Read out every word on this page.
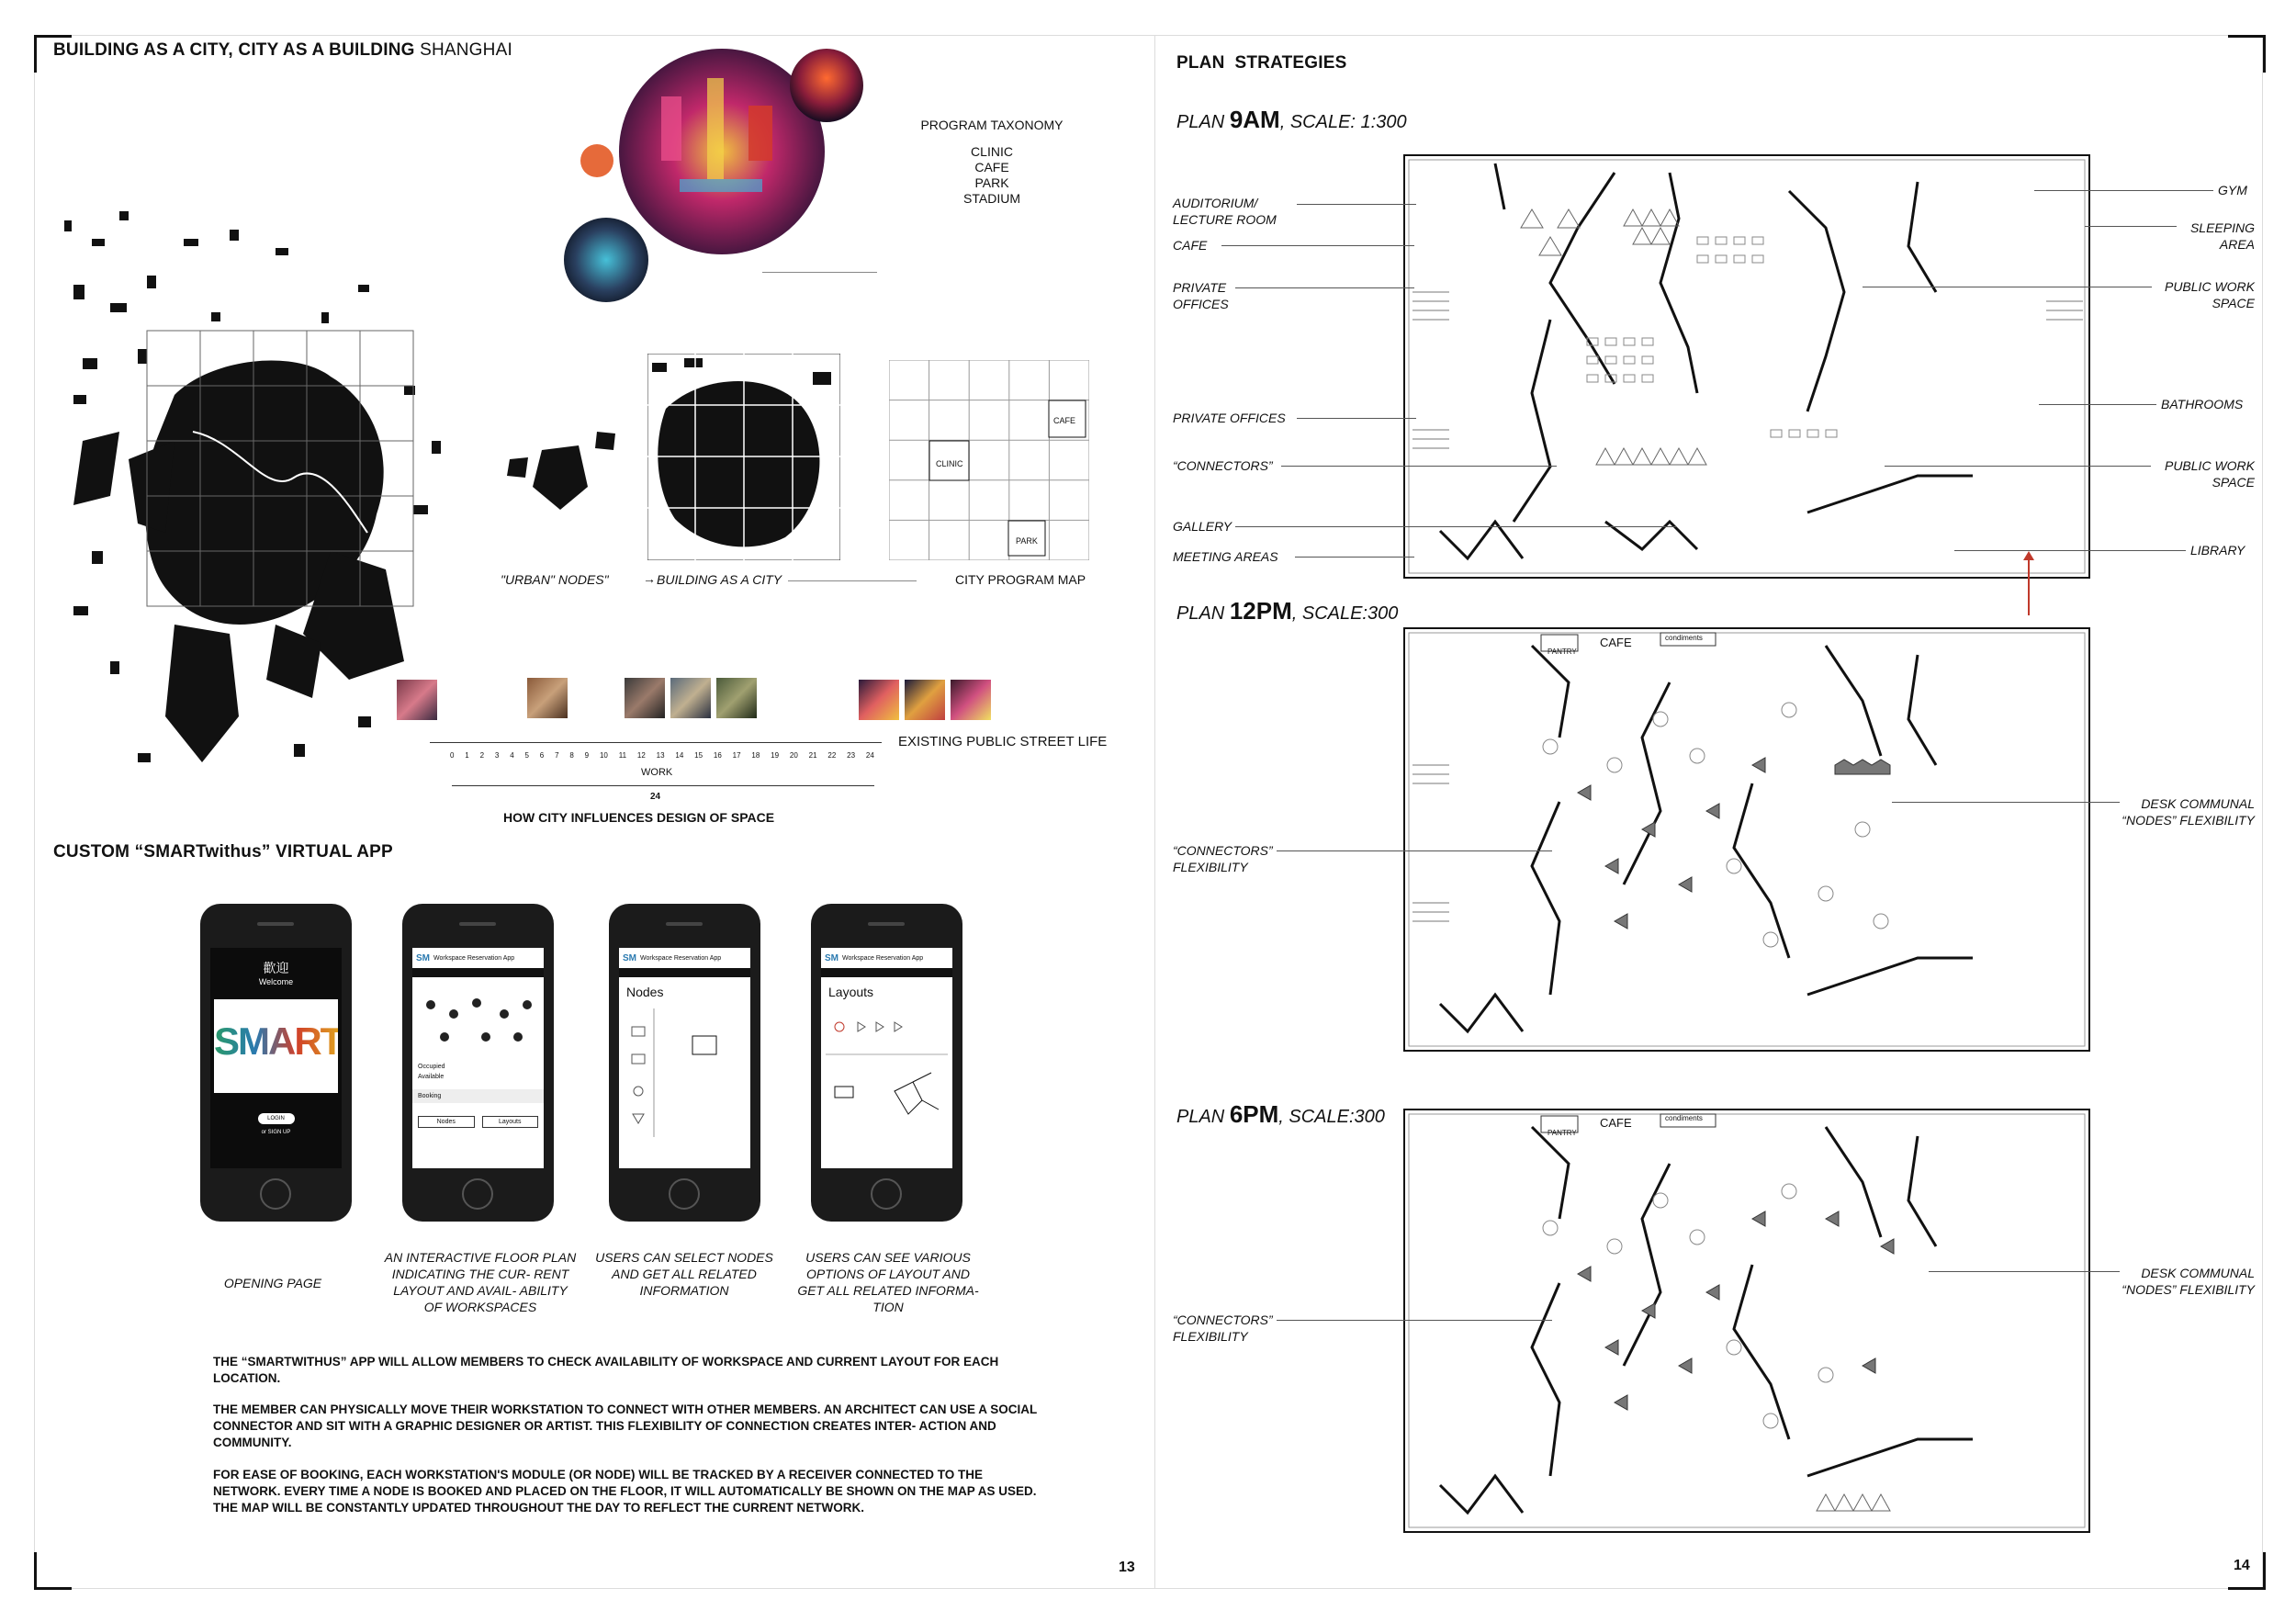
BUILDING AS A CITY, CITY AS A BUILDING SHANGHAI
PROGRAM TAXONOMY
CLINIC
CAFE
PARK
STADIUM
CAFE
CLINIC
PARK
"URBAN" NODES"	→ BUILDING AS A CITY	CITY PROGRAM MAP
0 1 2 3 4 5 6 7 8 9 10 11 12 13 14 15 16 17 18 19 20 21 22 23 24
EXISTING PUBLIC STREET LIFE
WORK
24
HOW CITY INFLUENCES DESIGN OF SPACE
CUSTOM “SMARTwithus” VIRTUAL APP
歡迎
Welcome
SMART
LOGIN
or SIGN UP
SM Workspace Reservation App
Occupied
Available
Booking
Nodes	Layouts
SM Workspace Reservation App
Nodes
SM Workspace Reservation App
Layouts
OPENING PAGE
AN INTERACTIVE FLOOR PLAN INDICATING THE CUR- RENT LAYOUT AND AVAIL- ABILITY OF WORKSPACES
USERS CAN SELECT NODES AND GET ALL RELATED INFORMATION
USERS CAN SEE VARIOUS OPTIONS OF LAYOUT AND GET ALL RELATED INFORMA- TION
THE “SMARTWITHUS” APP WILL ALLOW MEMBERS TO CHECK AVAILABILITY OF WORKSPACE AND CURRENT LAYOUT FOR EACH LOCATION.
THE MEMBER CAN PHYSICALLY MOVE THEIR WORKSTATION TO CONNECT WITH OTHER MEMBERS. AN ARCHITECT CAN USE A SOCIAL CONNECTOR AND SIT WITH A GRAPHIC DESIGNER OR ARTIST. THIS FLEXIBILITY OF CONNECTION CREATES INTER- ACTION AND COMMUNITY.
FOR EASE OF BOOKING, EACH WORKSTATION'S MODULE (OR NODE) WILL BE TRACKED BY A RECEIVER CONNECTED TO THE NETWORK. EVERY TIME A NODE IS BOOKED AND PLACED ON THE FLOOR, IT WILL AUTOMATICALLY BE SHOWN ON THE MAP AS USED. THE MAP WILL BE CONSTANTLY UPDATED THROUGHOUT THE DAY TO REFLECT THE CURRENT NETWORK.
13
PLAN  STRATEGIES
PLAN 9AM, SCALE: 1:300
PLAN 12PM, SCALE:300
PLAN 6PM, SCALE:300
PANTRY
CAFE	condiments
PANTRY
CAFE	condiments
AUDITORIUM/ LECTURE ROOM
CAFE
PRIVATE OFFICES
PRIVATE OFFICES
“CONNECTORS”
GALLERY
MEETING AREAS
GYM
SLEEPING AREA
PUBLIC WORK SPACE
BATHROOMS
PUBLIC WORK SPACE
LIBRARY
“CONNECTORS” FLEXIBILITY
DESK COMMUNAL “NODES” FLEXIBILITY
“CONNECTORS” FLEXIBILITY
DESK COMMUNAL “NODES” FLEXIBILITY
14
